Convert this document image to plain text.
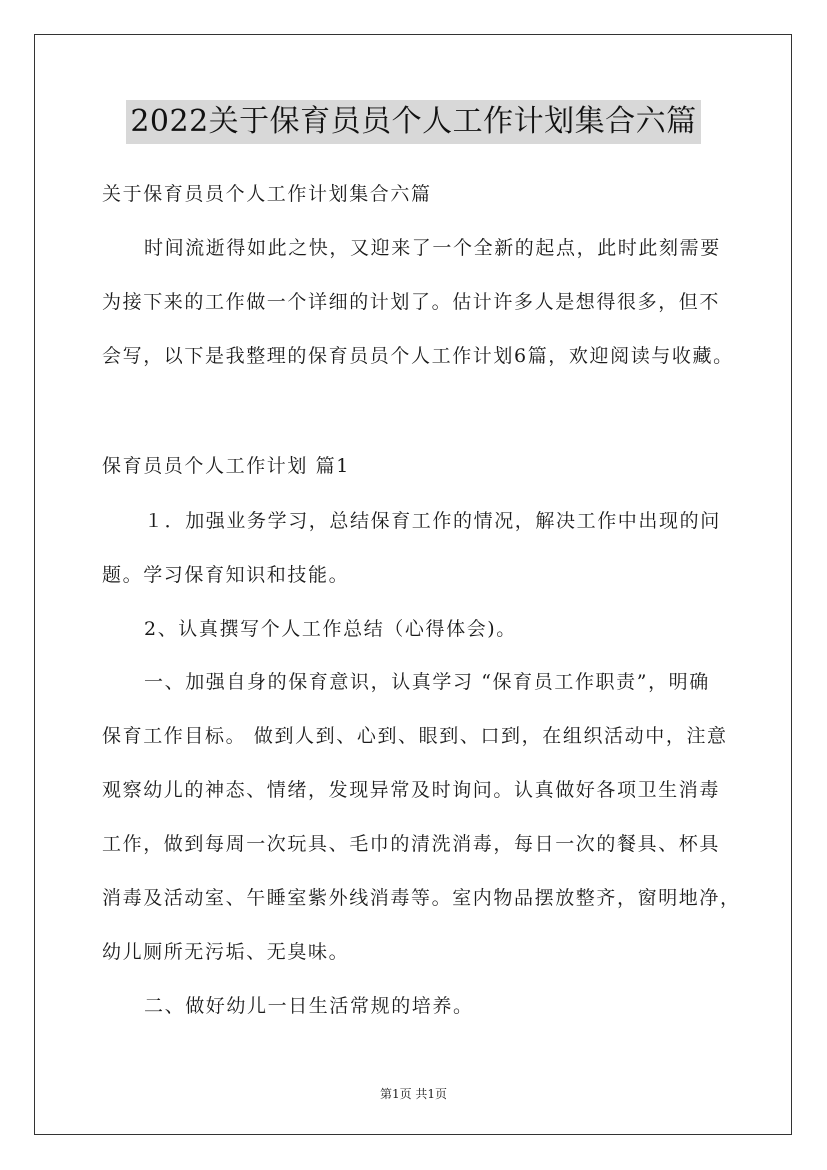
2022关于保育员员个人工作计划集合六篇
关于保育员员个人工作计划集合六篇
时间流逝得如此之快，又迎来了一个全新的起点，此时此刻需要
为接下来的工作做一个详细的计划了。估计许多人是想得很多，但不
会写，以下是我整理的保育员员个人工作计划6篇，欢迎阅读与收藏。
保育员员个人工作计划 篇1
１．加强业务学习，总结保育工作的情况，解决工作中出现的问
题。学习保育知识和技能。
2、认真撰写个人工作总结（心得体会)。
一、加强自身的保育意识，认真学习 “保育员工作职责”，明确
保育工作目标。 做到人到、心到、眼到、口到，在组织活动中，注意
观察幼儿的神态、情绪，发现异常及时询问。认真做好各项卫生消毒
工作，做到每周一次玩具、毛巾的清洗消毒，每日一次的餐具、杯具
消毒及活动室、午睡室紫外线消毒等。室内物品摆放整齐，窗明地净，
幼儿厕所无污垢、无臭味。
二、做好幼儿一日生活常规的培养。
第1页 共1页
